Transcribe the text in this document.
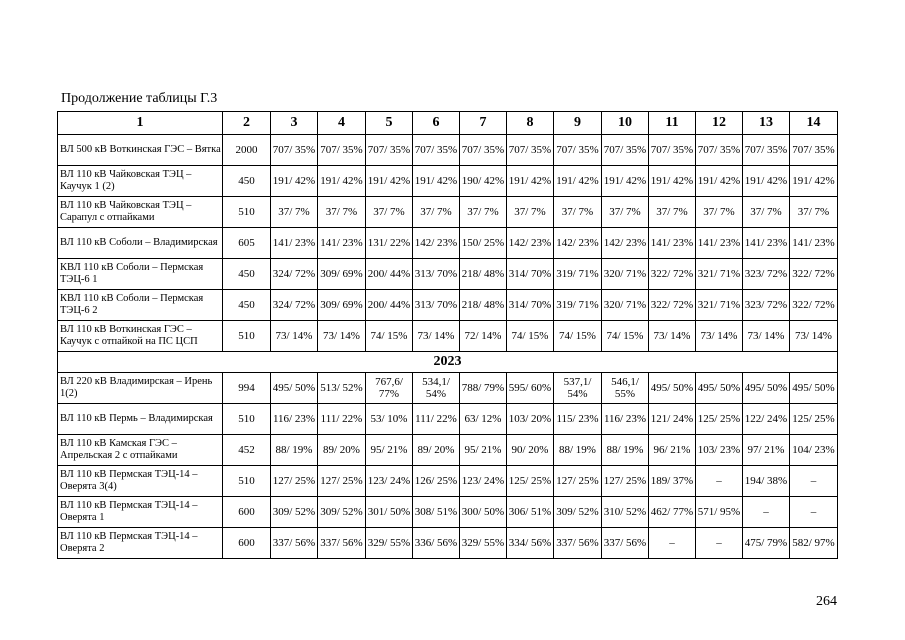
Продолжение таблицы Г.3
1	2	3	4	5	6	7	8	9	10	11	12	13	14
ВЛ 500 кВ Воткинская ГЭС – Вятка	2000	707/ 35%	707/ 35%	707/ 35%	707/ 35%	707/ 35%	707/ 35%	707/ 35%	707/ 35%	707/ 35%	707/ 35%	707/ 35%	707/ 35%
ВЛ 110 кВ Чайковская ТЭЦ – Каучук 1 (2)	450	191/ 42%	191/ 42%	191/ 42%	191/ 42%	190/ 42%	191/ 42%	191/ 42%	191/ 42%	191/ 42%	191/ 42%	191/ 42%	191/ 42%
ВЛ 110 кВ Чайковская ТЭЦ – Сарапул с отпайками	510	37/ 7%	37/ 7%	37/ 7%	37/ 7%	37/ 7%	37/ 7%	37/ 7%	37/ 7%	37/ 7%	37/ 7%	37/ 7%	37/ 7%
ВЛ 110 кВ Соболи – Владимирская	605	141/ 23%	141/ 23%	131/ 22%	142/ 23%	150/ 25%	142/ 23%	142/ 23%	142/ 23%	141/ 23%	141/ 23%	141/ 23%	141/ 23%
КВЛ 110 кВ Соболи – Пермская ТЭЦ-6 1	450	324/ 72%	309/ 69%	200/ 44%	313/ 70%	218/ 48%	314/ 70%	319/ 71%	320/ 71%	322/ 72%	321/ 71%	323/ 72%	322/ 72%
КВЛ 110 кВ Соболи – Пермская ТЭЦ-6 2	450	324/ 72%	309/ 69%	200/ 44%	313/ 70%	218/ 48%	314/ 70%	319/ 71%	320/ 71%	322/ 72%	321/ 71%	323/ 72%	322/ 72%
ВЛ 110 кВ Воткинская ГЭС – Каучук с отпайкой на ПС ЦСП	510	73/ 14%	73/ 14%	74/ 15%	73/ 14%	72/ 14%	74/ 15%	74/ 15%	74/ 15%	73/ 14%	73/ 14%	73/ 14%	73/ 14%
2023													
ВЛ 220 кВ Владимирская – Ирень 1(2)	994	495/ 50%	513/ 52%	767,6/ 77%	534,1/ 54%	788/ 79%	595/ 60%	537,1/ 54%	546,1/ 55%	495/ 50%	495/ 50%	495/ 50%	495/ 50%
ВЛ 110 кВ Пермь – Владимирская	510	116/ 23%	111/ 22%	53/ 10%	111/ 22%	63/ 12%	103/ 20%	115/ 23%	116/ 23%	121/ 24%	125/ 25%	122/ 24%	125/ 25%
ВЛ 110 кВ Камская ГЭС – Апрельская 2 с отпайками	452	88/ 19%	89/ 20%	95/ 21%	89/ 20%	95/ 21%	90/ 20%	88/ 19%	88/ 19%	96/ 21%	103/ 23%	97/ 21%	104/ 23%
ВЛ 110 кВ Пермская ТЭЦ-14 – Оверята 3(4)	510	127/ 25%	127/ 25%	123/ 24%	126/ 25%	123/ 24%	125/ 25%	127/ 25%	127/ 25%	189/ 37%	–	194/ 38%	–
ВЛ 110 кВ Пермская ТЭЦ-14 – Оверята 1	600	309/ 52%	309/ 52%	301/ 50%	308/ 51%	300/ 50%	306/ 51%	309/ 52%	310/ 52%	462/ 77%	571/ 95%	–	–
ВЛ 110 кВ Пермская ТЭЦ-14 – Оверята 2	600	337/ 56%	337/ 56%	329/ 55%	336/ 56%	329/ 55%	334/ 56%	337/ 56%	337/ 56%	–	–	475/ 79%	582/ 97%
264
